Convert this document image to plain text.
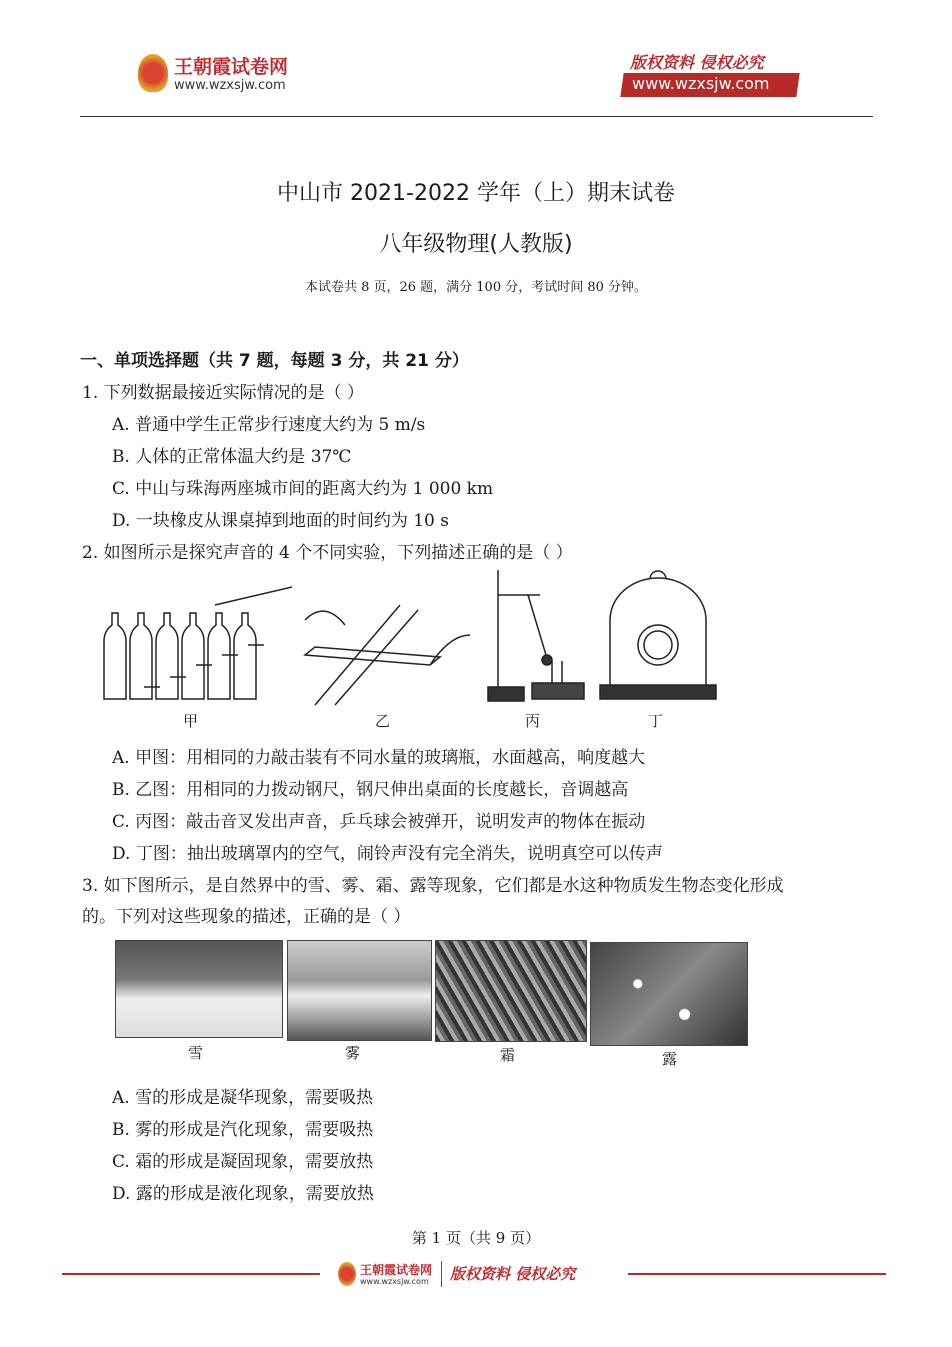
王朝霞试卷网
www.wzxsjw.com
版权资料 侵权必究
www.wzxsjw.com
中山市 2021-2022 学年（上）期末试卷
八年级物理(人教版)
本试卷共 8 页，26 题，满分 100 分，考试时间 80 分钟。
一、单项选择题（共 7 题，每题 3 分，共 21 分）
1. 下列数据最接近实际情况的是（ ）
A. 普通中学生正常步行速度大约为 5 m/s
B. 人体的正常体温大约是 37℃
C. 中山与珠海两座城市间的距离大约为 1 000 km
D. 一块橡皮从课桌掉到地面的时间约为 10 s
2. 如图所示是探究声音的 4 个不同实验，下列描述正确的是（ ）
甲	乙	丙	丁
A. 甲图：用相同的力敲击装有不同水量的玻璃瓶，水面越高，响度越大
B. 乙图：用相同的力拨动钢尺，钢尺伸出桌面的长度越长，音调越高
C. 丙图：敲击音叉发出声音，乒乓球会被弹开，说明发声的物体在振动
D. 丁图：抽出玻璃罩内的空气，闹铃声没有完全消失，说明真空可以传声
3. 如下图所示，是自然界中的雪、雾、霜、露等现象，它们都是水这种物质发生物态变化形成
的。下列对这些现象的描述，正确的是（ ）
雪	雾	霜	露
A. 雪的形成是凝华现象，需要吸热
B. 雾的形成是汽化现象，需要吸热
C. 霜的形成是凝固现象，需要放热
D. 露的形成是液化现象，需要放热
第 1 页（共 9 页）
王朝霞试卷网
www.wzxsjw.com 版权资料 侵权必究
